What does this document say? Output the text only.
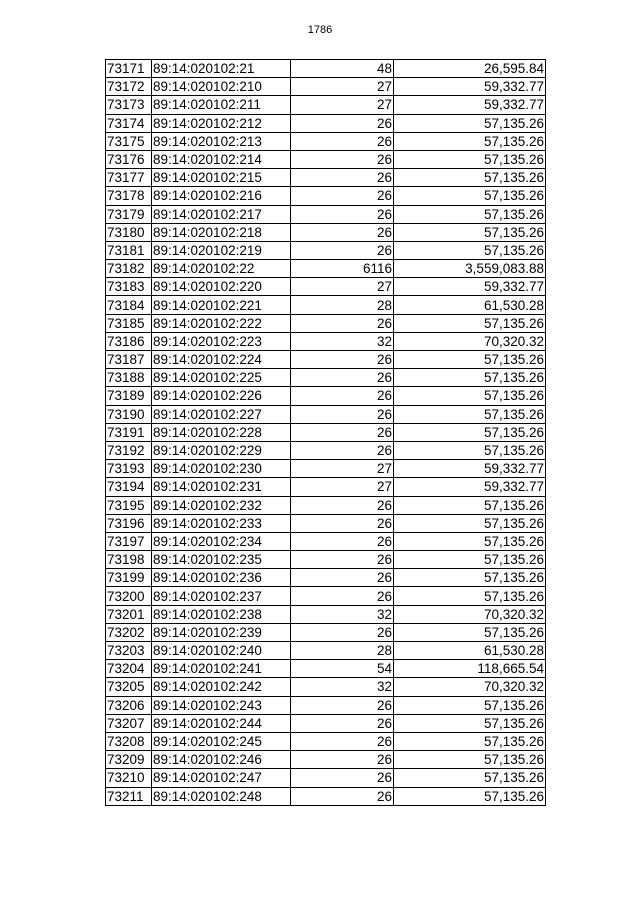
1786
73171	89:14:020102:21	48	26,595.84
73172	89:14:020102:210	27	59,332.77
73173	89:14:020102:211	27	59,332.77
73174	89:14:020102:212	26	57,135.26
73175	89:14:020102:213	26	57,135.26
73176	89:14:020102:214	26	57,135.26
73177	89:14:020102:215	26	57,135.26
73178	89:14:020102:216	26	57,135.26
73179	89:14:020102:217	26	57,135.26
73180	89:14:020102:218	26	57,135.26
73181	89:14:020102:219	26	57,135.26
73182	89:14:020102:22	6116	3,559,083.88
73183	89:14:020102:220	27	59,332.77
73184	89:14:020102:221	28	61,530.28
73185	89:14:020102:222	26	57,135.26
73186	89:14:020102:223	32	70,320.32
73187	89:14:020102:224	26	57,135.26
73188	89:14:020102:225	26	57,135.26
73189	89:14:020102:226	26	57,135.26
73190	89:14:020102:227	26	57,135.26
73191	89:14:020102:228	26	57,135.26
73192	89:14:020102:229	26	57,135.26
73193	89:14:020102:230	27	59,332.77
73194	89:14:020102:231	27	59,332.77
73195	89:14:020102:232	26	57,135.26
73196	89:14:020102:233	26	57,135.26
73197	89:14:020102:234	26	57,135.26
73198	89:14:020102:235	26	57,135.26
73199	89:14:020102:236	26	57,135.26
73200	89:14:020102:237	26	57,135.26
73201	89:14:020102:238	32	70,320.32
73202	89:14:020102:239	26	57,135.26
73203	89:14:020102:240	28	61,530.28
73204	89:14:020102:241	54	118,665.54
73205	89:14:020102:242	32	70,320.32
73206	89:14:020102:243	26	57,135.26
73207	89:14:020102:244	26	57,135.26
73208	89:14:020102:245	26	57,135.26
73209	89:14:020102:246	26	57,135.26
73210	89:14:020102:247	26	57,135.26
73211	89:14:020102:248	26	57,135.26
